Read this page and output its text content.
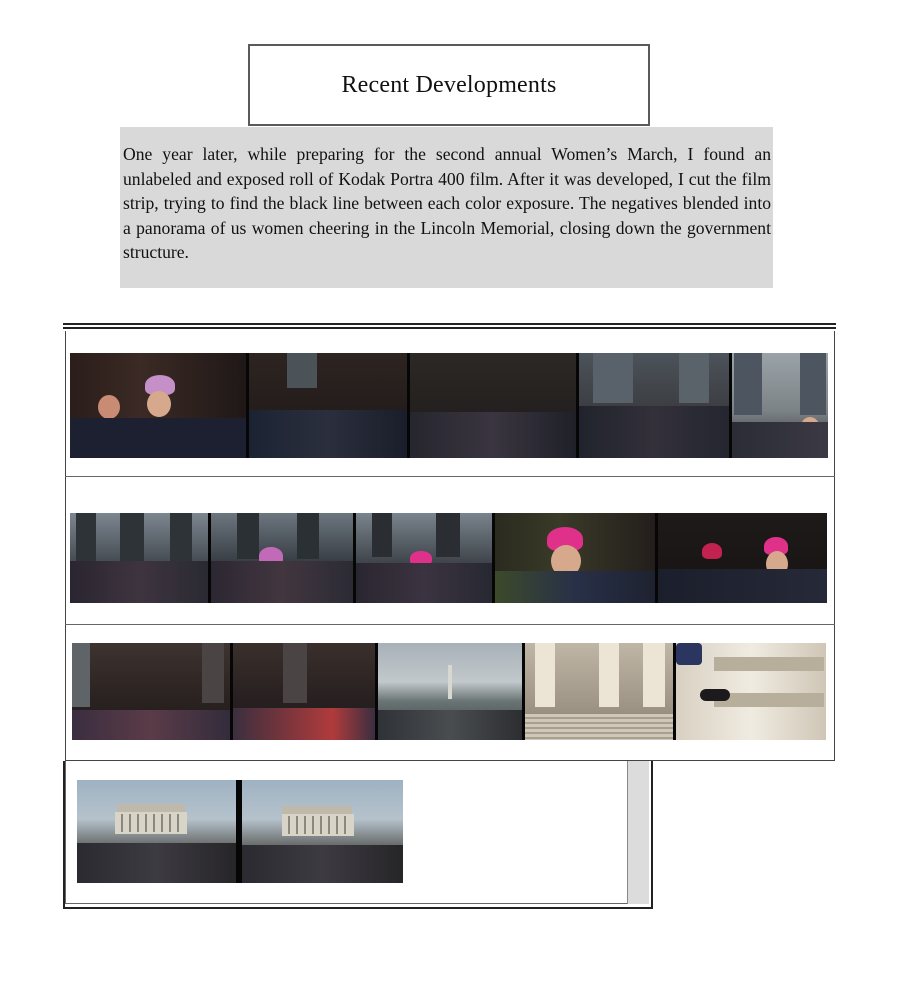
Recent Developments

One year later, while preparing for the second annual Women’s March, I found an unlabeled and exposed roll of Kodak Portra 400 film. After it was developed, I cut the film strip, trying to find the black line between each color exposure. The negatives blended into a panorama of us women cheering in the Lincoln Memorial, closing down the government structure.
